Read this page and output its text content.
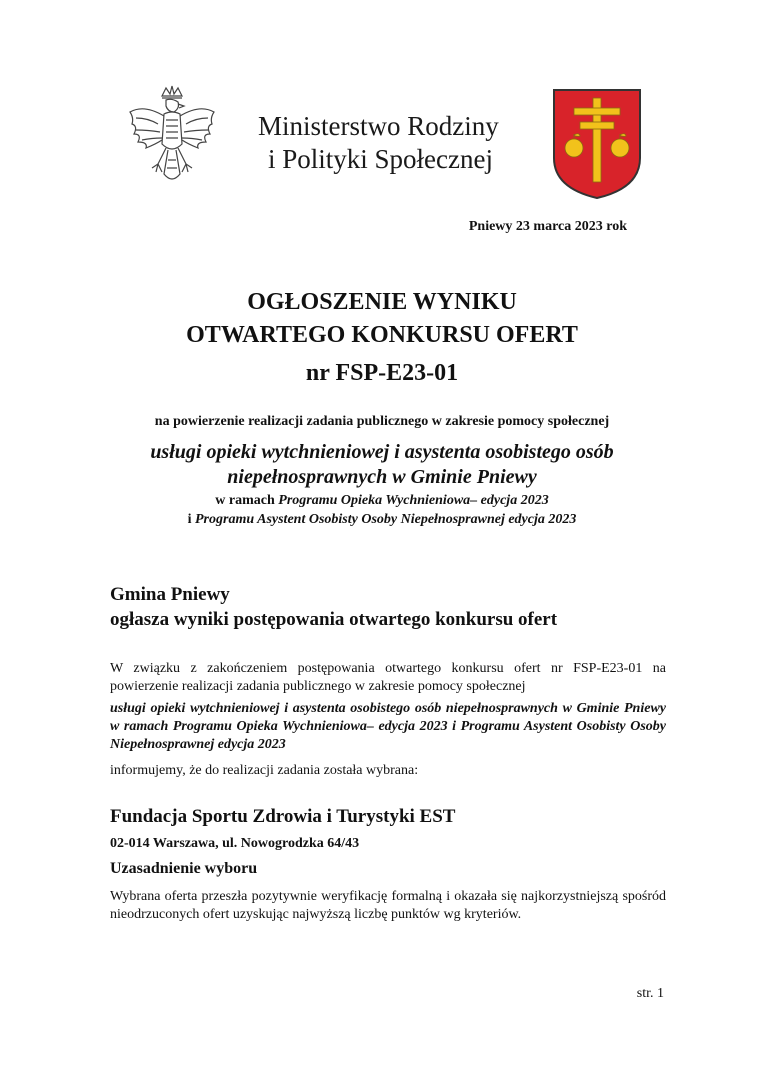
Ministerstwo Rodziny
i Polityki Społecznej
Pniewy 23 marca 2023 rok
OGŁOSZENIE WYNIKU
OTWARTEGO KONKURSU OFERT
nr FSP-E23-01
na powierzenie realizacji zadania publicznego w zakresie pomocy społecznej
usługi opieki wytchnieniowej i asystenta osobistego osób
niepełnosprawnych w Gminie Pniewy
w ramach Programu Opieka Wychnieniowa– edycja 2023
i Programu Asystent Osobisty Osoby Niepełnosprawnej edycja 2023
Gmina Pniewy
ogłasza wyniki postępowania otwartego konkursu ofert
W związku z zakończeniem postępowania otwartego konkursu ofert nr FSP-E23-01 na powierzenie realizacji zadania publicznego w zakresie pomocy społecznej
usługi opieki wytchnieniowej i asystenta osobistego osób niepełnosprawnych w Gminie Pniewy w ramach Programu Opieka Wychnieniowa– edycja 2023 i Programu Asystent Osobisty Osoby Niepełnosprawnej edycja 2023
informujemy, że do realizacji zadania została wybrana:
Fundacja Sportu Zdrowia i Turystyki EST
02-014 Warszawa, ul. Nowogrodzka 64/43
Uzasadnienie wyboru
Wybrana oferta przeszła pozytywnie weryfikację formalną i okazała się najkorzystniejszą spośród nieodrzuconych ofert uzyskując najwyższą liczbę punktów wg kryteriów.
str. 1
